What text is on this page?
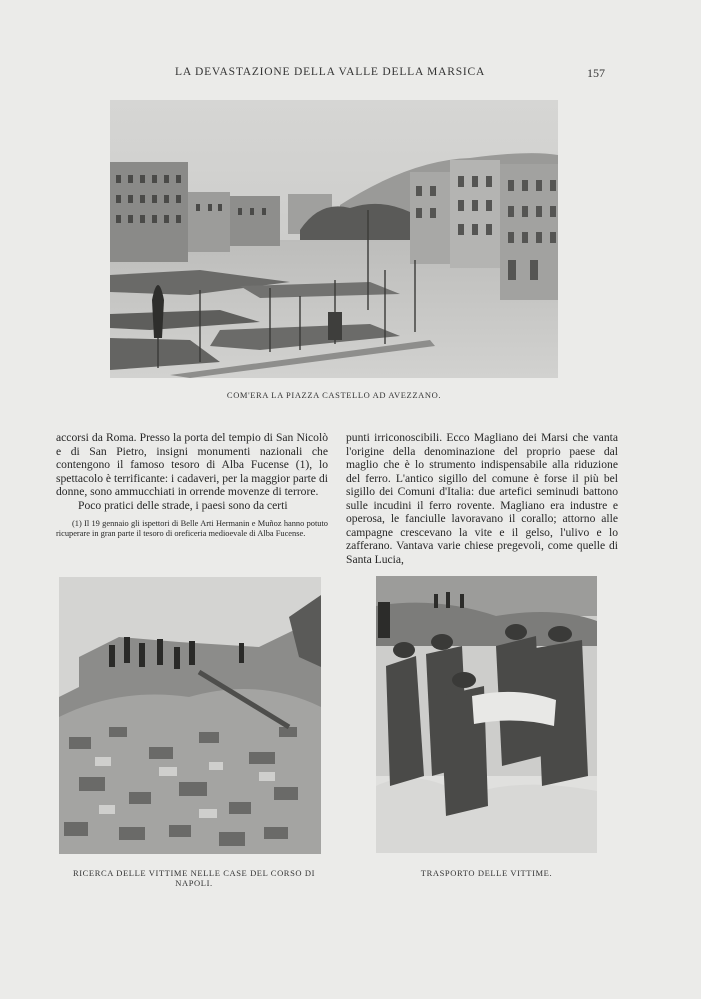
LA DEVASTAZIONE DELLA VALLE DELLA MARSICA	157
COM'ERA LA PIAZZA CASTELLO AD AVEZZANO.

accorsi da Roma. Presso la porta del tempio di San Nicolò e di San Pietro, insigni monumenti nazionali che contengono il famoso tesoro di Alba Fucense (1), lo spettacolo è terrificante: i cadaveri, per la maggior parte di donne, sono ammucchiati in orrende movenze di terrore.

Poco pratici delle strade, i paesi sono da certi

(1) Il 19 gennaio gli ispettori di Belle Arti Hermanin e Muñoz hanno potuto ricuperare in gran parte il tesoro di oreficeria medioevale di Alba Fucense.

punti irriconoscibili. Ecco Magliano dei Marsi che vanta l'origine della denominazione del proprio paese dal maglio che è lo strumento indispensabile alla riduzione del ferro. L'antico sigillo del comune è forse il più bel sigillo dei Comuni d'Italia: due artefici seminudi battono sulle incudini il ferro rovente. Magliano era industre e operosa, le fanciulle lavoravano il corallo; attorno alle campagne crescevano la vite e il gelso, l'ulivo e lo zafferano. Vantava varie chiese pregevoli, come quelle di Santa Lucia,

RICERCA DELLE VITTIME NELLE CASE DEL CORSO DI NAPOLI.
TRASPORTO DELLE VITTIME.
